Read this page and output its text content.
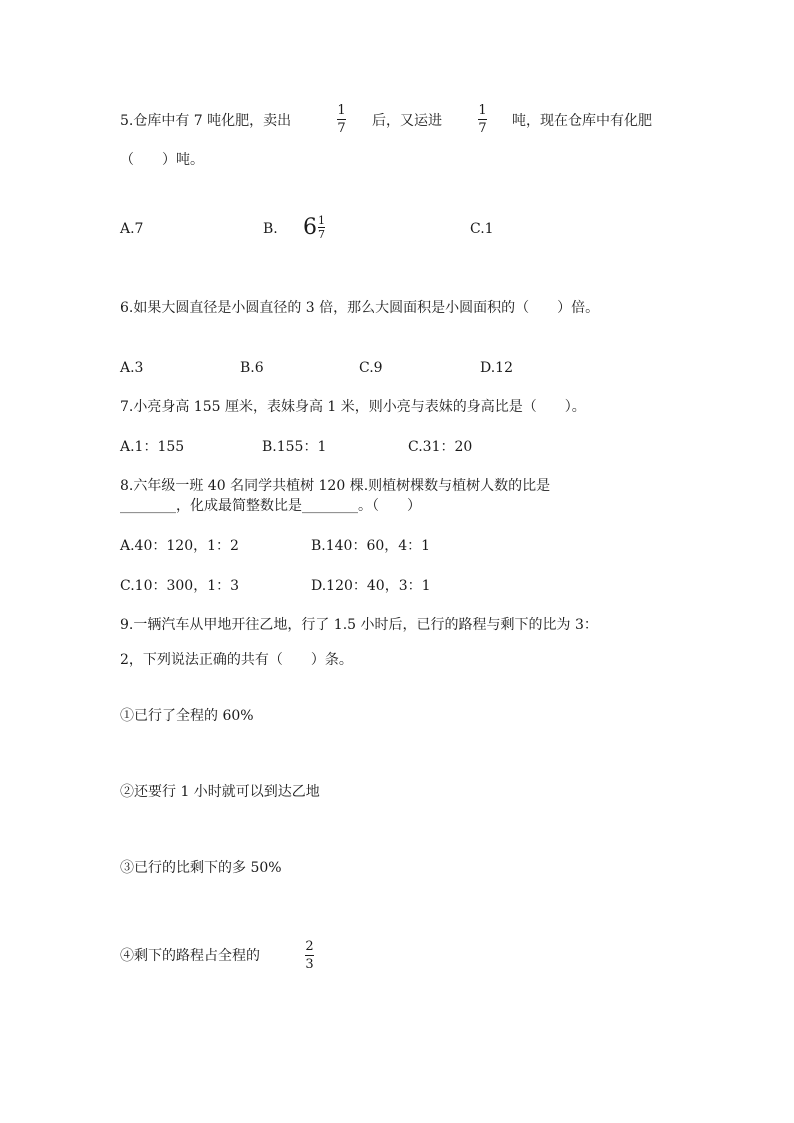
5.仓库中有 7 吨化肥，卖出
1
7 后，又运进
1
7 吨，现在仓库中有化肥
（　　）吨。
A.7	B. $6 \frac{1}{7}$	C.1
6.如果大圆直径是小圆直径的 3 倍，那么大圆面积是小圆面积的（　　）倍。
A.3	B.6	C.9	D.12
7.小亮身高 155 厘米，表妹身高 1 米，则小亮与表妹的身高比是（　　）。
A.1：155	B.155：1	C.31：20
8.六年级一班 40 名同学共植树 120 棵.则植树棵数与植树人数的比是
________，化成最简整数比是________。（　　）
A.40：120，1：2	B.140：60，4：1
C.10：300，1：3	D.120：40，3：1
9.一辆汽车从甲地开往乙地，行了 1.5 小时后，已行的路程与剩下的比为 3：
2，下列说法正确的共有（　　）条。
①已行了全程的 60%
②还要行 1 小时就可以到达乙地
③已行的比剩下的多 50%
④剩下的路程占全程的
2
3
